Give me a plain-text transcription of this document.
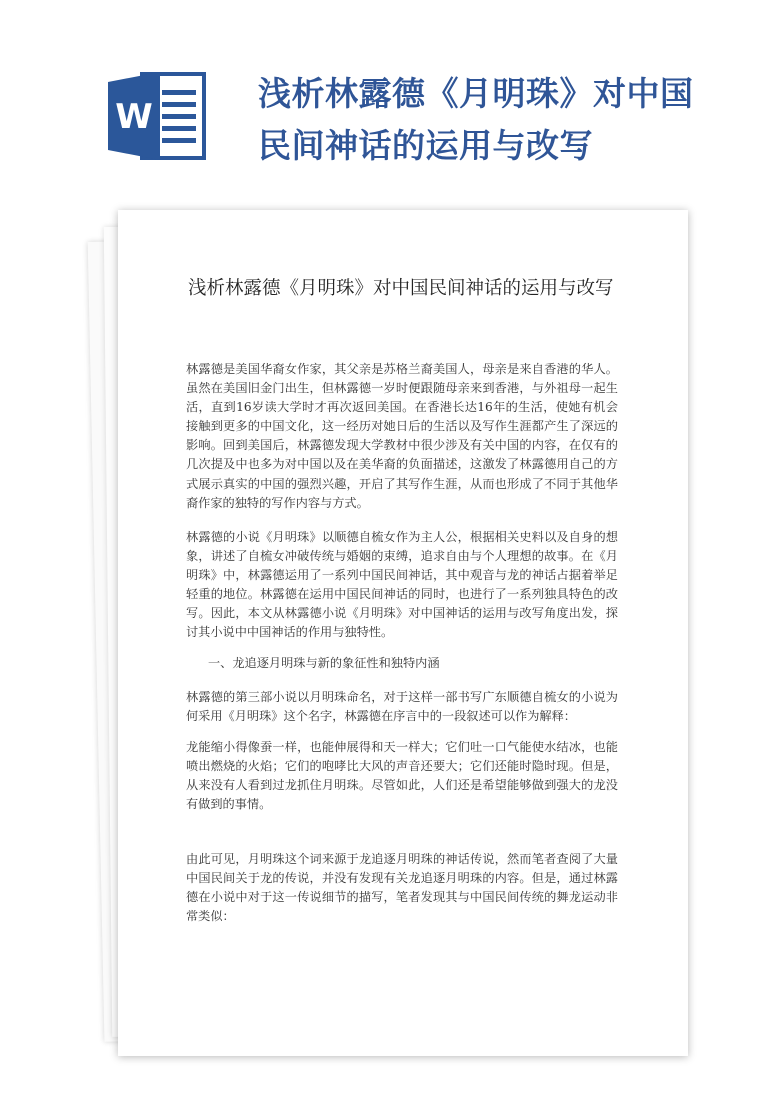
W
浅析林露德《月明珠》对中国
民间神话的运用与改写
浅析林露德《月明珠》对中国民间神话的运用与改写

林露德是美国华裔女作家，其父亲是苏格兰裔美国人，母亲是来自香港的华人。虽然在美国旧金门出生，但林露德一岁时便跟随母亲来到香港，与外祖母一起生活，直到16岁读大学时才再次返回美国。在香港长达16年的生活，使她有机会接触到更多的中国文化，这一经历对她日后的生活以及写作生涯都产生了深远的影响。回到美国后，林露德发现大学教材中很少涉及有关中国的内容，在仅有的几次提及中也多为对中国以及在美华裔的负面描述，这激发了林露德用自己的方式展示真实的中国的强烈兴趣，开启了其写作生涯，从而也形成了不同于其他华裔作家的独特的写作内容与方式。

林露德的小说《月明珠》以顺德自梳女作为主人公，根据相关史料以及自身的想象，讲述了自梳女冲破传统与婚姻的束缚，追求自由与个人理想的故事。在《月明珠》中，林露德运用了一系列中国民间神话，其中观音与龙的神话占据着举足轻重的地位。林露德在运用中国民间神话的同时，也进行了一系列独具特色的改写。因此，本文从林露德小说《月明珠》对中国神话的运用与改写角度出发，探讨其小说中中国神话的作用与独特性。

一、龙追逐月明珠与新的象征性和独特内涵

林露德的第三部小说以月明珠命名，对于这样一部书写广东顺德自梳女的小说为何采用《月明珠》这个名字，林露德在序言中的一段叙述可以作为解释：

龙能缩小得像蚕一样，也能伸展得和天一样大；它们吐一口气能使水结冰，也能喷出燃烧的火焰；它们的咆哮比大风的声音还要大；它们还能时隐时现。但是，从来没有人看到过龙抓住月明珠。尽管如此，人们还是希望能够做到强大的龙没有做到的事情。

由此可见，月明珠这个词来源于龙追逐月明珠的神话传说，然而笔者查阅了大量中国民间关于龙的传说，并没有发现有关龙追逐月明珠的内容。但是，通过林露德在小说中对于这一传说细节的描写，笔者发现其与中国民间传统的舞龙运动非常类似：
